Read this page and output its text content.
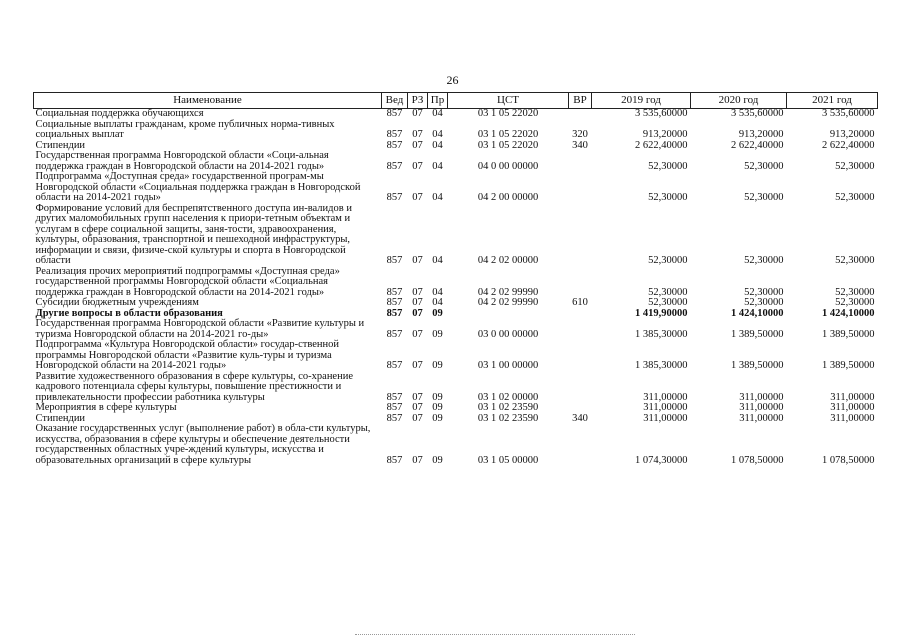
26
Наименование	Вед	РЗ	Пр	ЦСТ	ВР	2019 год	2020 год	2021 год
Социальная поддержка обучающихся	857	07	04	03 1 05 22020		3 535,60000	3 535,60000	3 535,60000
Социальные выплаты гражданам, кроме публичных норма-тивных социальных выплат	857	07	04	03 1 05 22020	320	913,20000	913,20000	913,20000
Стипендии	857	07	04	03 1 05 22020	340	2 622,40000	2 622,40000	2 622,40000
Государственная программа Новгородской области «Соци-альная поддержка граждан в Новгородской области на 2014-2021 годы»	857	07	04	04 0 00 00000		52,30000	52,30000	52,30000
Подпрограмма «Доступная среда» государственной програм-мы Новгородской области «Социальная поддержка граждан в Новгородской области на 2014-2021 годы»	857	07	04	04 2 00 00000		52,30000	52,30000	52,30000
Формирование условий для беспрепятственного доступа ин-валидов и других маломобильных групп населения к приори-тетным объектам и услугам в сфере социальной защиты, заня-тости, здравоохранения, культуры, образования, транспортной и пешеходной инфраструктуры, информации и связи, физиче-ской культуры и спорта в Новгородской области	857	07	04	04 2 02 00000		52,30000	52,30000	52,30000
Реализация прочих мероприятий подпрограммы «Доступная среда» государственной программы Новгородской области «Социальная поддержка граждан в Новгородской области на 2014-2021 годы»	857	07	04	04 2 02 99990		52,30000	52,30000	52,30000
Субсидии бюджетным учреждениям	857	07	04	04 2 02 99990	610	52,30000	52,30000	52,30000
Другие вопросы в области образования	857	07	09			1 419,90000	1 424,10000	1 424,10000
Государственная программа Новгородской области «Развитие культуры и туризма Новгородской области на 2014-2021 го-ды»	857	07	09	03 0 00 00000		1 385,30000	1 389,50000	1 389,50000
Подпрограмма «Культура Новгородской области» государ-ственной программы Новгородской области «Развитие куль-туры и туризма Новгородской области на 2014-2021 годы»	857	07	09	03 1 00 00000		1 385,30000	1 389,50000	1 389,50000
Развитие художественного образования в сфере культуры, со-хранение кадрового потенциала сферы культуры, повышение престижности и привлекательности профессии работника культуры	857	07	09	03 1 02 00000		311,00000	311,00000	311,00000
Мероприятия в сфере культуры	857	07	09	03 1 02 23590		311,00000	311,00000	311,00000
Стипендии	857	07	09	03 1 02 23590	340	311,00000	311,00000	311,00000
Оказание государственных услуг (выполнение работ) в обла-сти культуры, искусства, образования в сфере культуры и обеспечение деятельности государственных областных учре-ждений культуры, искусства и образовательных организаций в сфере культуры	857	07	09	03 1 05 00000		1 074,30000	1 078,50000	1 078,50000
